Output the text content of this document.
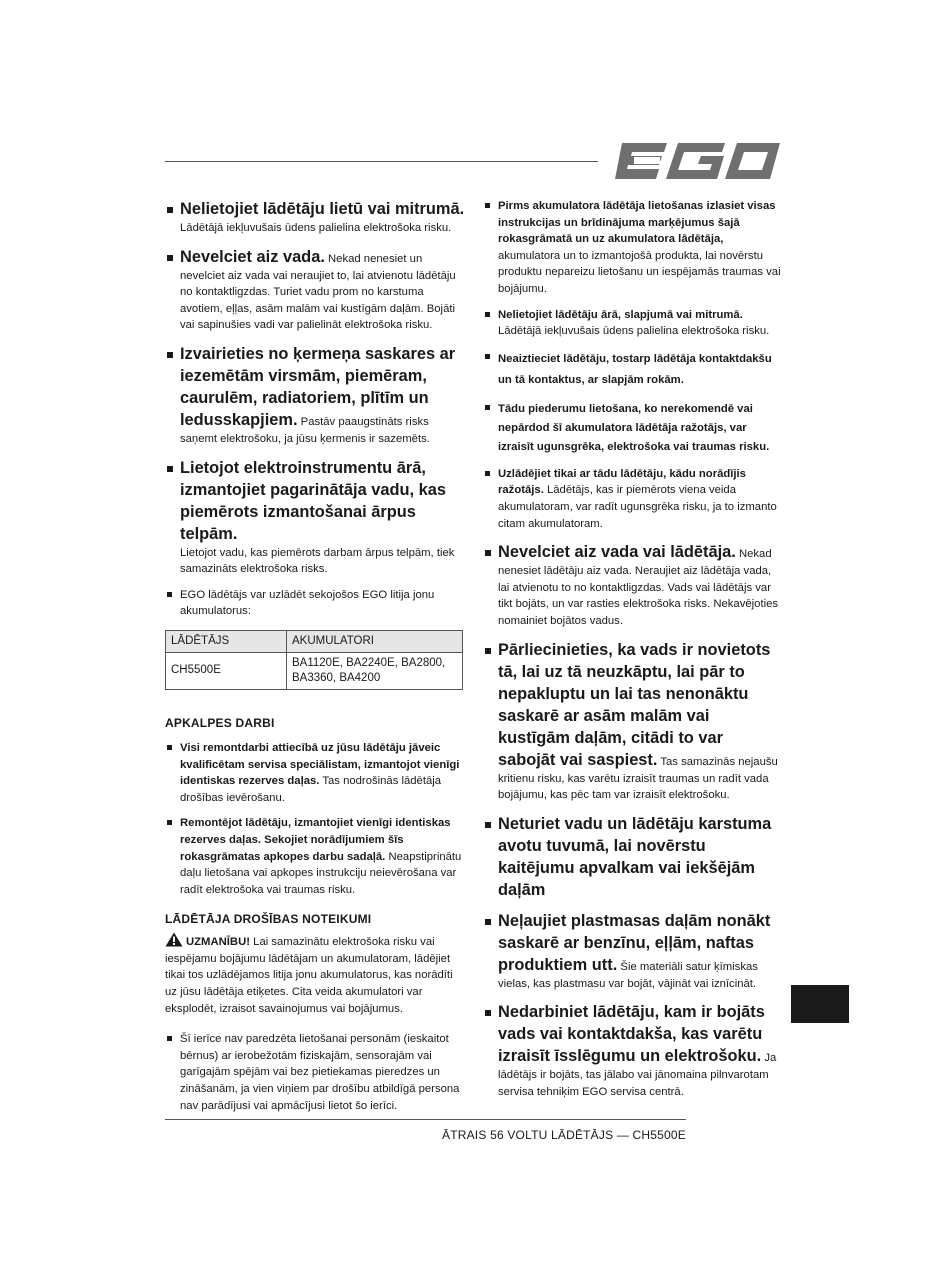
Nelietojiet lādētāju lietū vai mitrumā.
Lādētājā iekļuvušais ūdens palielina elektrošoka risku.
Nevelciet aiz vada. Nekad nenesiet un nevelciet aiz vada vai neraujiet to, lai atvienotu lādētāju no kontaktligzdas. Turiet vadu prom no karstuma avotiem, eļļas, asām malām vai kustīgām daļām. Bojāti vai sapinušies vadi var palielināt elektrošoka risku.
Izvairieties no ķermeņa saskares ar iezemētām virsmām, piemēram, caurulēm, radiatoriem, plītīm un ledusskapjiem. Pastāv paaugstināts risks saņemt elektrošoku, ja jūsu ķermenis ir sazemēts.
Lietojot elektroinstrumentu ārā, izmantojiet pagarinātāja vadu, kas piemērots izmantošanai ārpus telpām.
Lietojot vadu, kas piemērots darbam ārpus telpām, tiek samazināts elektrošoka risks.
EGO lādētājs var uzlādēt sekojošos EGO litija jonu akumulatorus:
LĀDĒTĀJS	AKUMULATORI
CH5500E	BA1120E, BA2240E, BA2800, BA3360, BA4200
APKALPES DARBI
Visi remontdarbi attiecībā uz jūsu lādētāju jāveic kvalificētam servisa speciālistam, izmantojot vienīgi identiskas rezerves daļas. Tas nodrošinās lādētāja drošības ievērošanu.
Remontējot lādētāju, izmantojiet vienīgi identiskas rezerves daļas. Sekojiet norādījumiem šīs rokasgrāmatas apkopes darbu sadaļā. Neapstiprinātu daļu lietošana vai apkopes instrukciju neievērošana var radīt elektrošoka vai traumas risku.
LĀDĒTĀJA DROŠĪBAS NOTEIKUMI
UZMANĪBU! Lai samazinātu elektrošoka risku vai iespējamu bojājumu lādētājam un akumulatoram, lādējiet tikai tos uzlādējamos litija jonu akumulatorus, kas norādīti uz jūsu lādētāja etiķetes. Cita veida akumulatori var eksplodēt, izraisot savainojumus vai bojājumus.
Šī ierīce nav paredzēta lietošanai personām (ieskaitot bērnus) ar ierobežotām fiziskajām, sensorajām vai garīgajām spējām vai bez pietiekamas pieredzes un zināšanām, ja vien viņiem par drošību atbildīgā persona nav parādījusi vai apmācījusi lietot šo ierīci.
Pirms akumulatora lādētāja lietošanas izlasiet visas instrukcijas un brīdinājuma marķējumus šajā rokasgrāmatā un uz akumulatora lādētāja, akumulatora un to izmantojošā produkta, lai novērstu produktu nepareizu lietošanu un iespējamās traumas vai bojājumu.
Nelietojiet lādētāju ārā, slapjumā vai mitrumā.
Lādētājā iekļuvušais ūdens palielina elektrošoka risku.
Neaiztieciet lādētāju, tostarp lādētāja kontaktdakšu un tā kontaktus, ar slapjām rokām.
Tādu piederumu lietošana, ko nerekomendē vai nepārdod šī akumulatora lādētāja ražotājs, var izraisīt ugunsgrēka, elektrošoka vai traumas risku.
Uzlādējiet tikai ar tādu lādētāju, kādu norādījis ražotājs. Lādētājs, kas ir piemērots viena veida akumulatoram, var radīt ugunsgrēka risku, ja to izmanto citam akumulatoram.
Nevelciet aiz vada vai lādētāja. Nekad nenesiet lādētāju aiz vada. Neraujiet aiz lādētāja vada, lai atvienotu to no kontaktligzdas. Vads vai lādētājs var tikt bojāts, un var rasties elektrošoka risks. Nekavējoties nomainiet bojātos vadus.
Pārliecinieties, ka vads ir novietots tā, lai uz tā neuzkāptu, lai pār to nepakluptu un lai tas nenonāktu saskarē ar asām malām vai kustīgām daļām, citādi to var sabojāt vai saspiest. Tas samazinās nejaušu kritienu risku, kas varētu izraisīt traumas un radīt vada bojājumu, kas pēc tam var izraisīt elektrošoku.
Neturiet vadu un lādētāju karstuma avotu tuvumā, lai novērstu kaitējumu apvalkam vai iekšējām daļām
Neļaujiet plastmasas daļām nonākt saskarē ar benzīnu, eļļām, naftas produktiem utt. Šie materiāli satur ķīmiskas vielas, kas plastmasu var bojāt, vājināt vai iznīcināt.
Nedarbiniet lādētāju, kam ir bojāts vads vai kontaktdakša, kas varētu izraisīt īsslēgumu un elektrošoku. Ja lādētājs ir bojāts, tas jālabo vai jānomaina pilnvarotam servisa tehniķim EGO servisa centrā.
ĀTRAIS 56 VOLTU LĀDĒTĀJS — CH5500E
